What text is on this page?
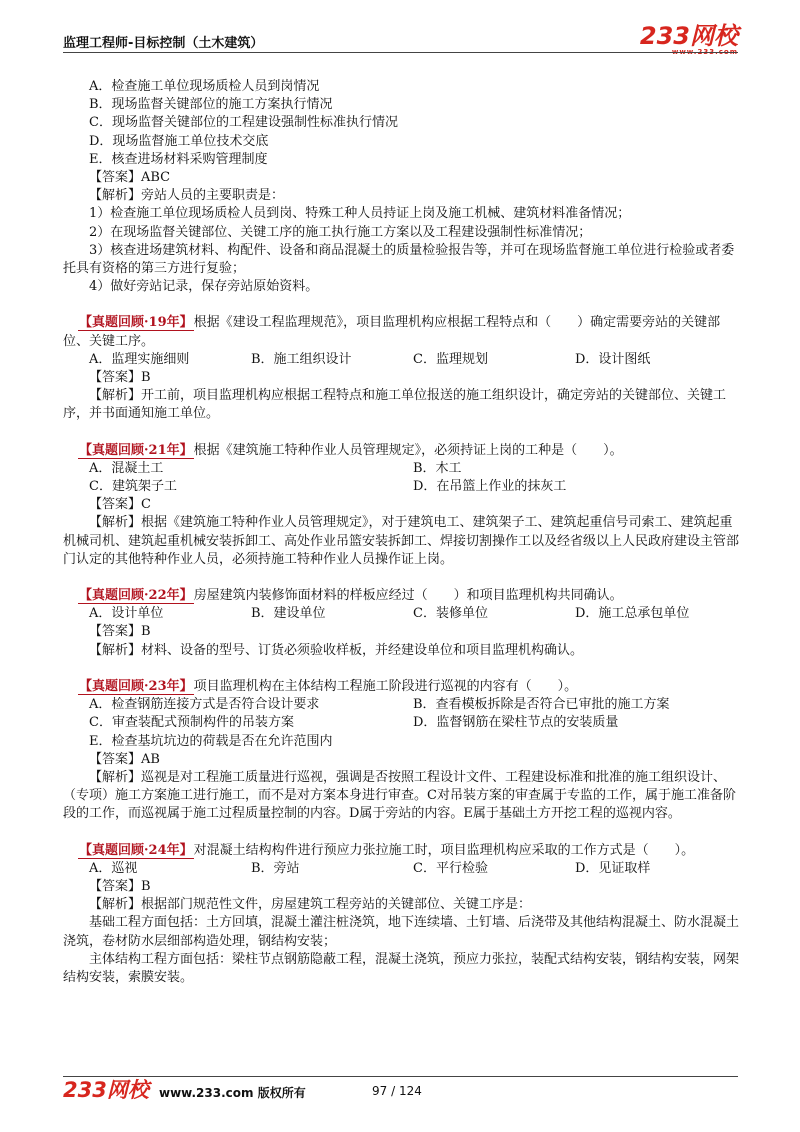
监理工程师-目标控制（土木建筑）	233网校
www.233.com

A．检查施工单位现场质检人员到岗情况

B．现场监督关键部位的施工方案执行情况

C．现场监督关键部位的工程建设强制性标准执行情况

D．现场监督施工单位技术交底

E．核查进场材料采购管理制度

【答案】ABC

【解析】旁站人员的主要职责是：

1）检查施工单位现场质检人员到岗、特殊工种人员持证上岗及施工机械、建筑材料准备情况；

2）在现场监督关键部位、关键工序的施工执行施工方案以及工程建设强制性标准情况；

3）核查进场建筑材料、构配件、设备和商品混凝土的质量检验报告等，并可在现场监督施工单位进行检验或者委托具有资格的第三方进行复验；

4）做好旁站记录，保存旁站原始资料。

【真题回顾·19年】根据《建设工程监理规范》，项目监理机构应根据工程特点和（　　）确定需要旁站的关键部位、关键工序。

A．监理实施细则	B．施工组织设计	C．监理规划	D．设计图纸

【答案】B

【解析】开工前，项目监理机构应根据工程特点和施工单位报送的施工组织设计，确定旁站的关键部位、关键工序，并书面通知施工单位。

【真题回顾·21年】根据《建筑施工特种作业人员管理规定》，必须持证上岗的工种是（　　）。

A．混凝土工	B．木工
C．建筑架子工	D．在吊篮上作业的抹灰工

【答案】C

【解析】根据《建筑施工特种作业人员管理规定》，对于建筑电工、建筑架子工、建筑起重信号司索工、建筑起重机械司机、建筑起重机械安装拆卸工、高处作业吊篮安装拆卸工、焊接切割操作工以及经省级以上人民政府建设主管部门认定的其他特种作业人员，必须持施工特种作业人员操作证上岗。

【真题回顾·22年】房屋建筑内装修饰面材料的样板应经过（　　）和项目监理机构共同确认。

A．设计单位	B．建设单位	C．装修单位	D．施工总承包单位

【答案】B

【解析】材料、设备的型号、订货必须验收样板，并经建设单位和项目监理机构确认。

【真题回顾·23年】项目监理机构在主体结构工程施工阶段进行巡视的内容有（　　）。

A．检查钢筋连接方式是否符合设计要求	B．查看模板拆除是否符合已审批的施工方案
C．审查装配式预制构件的吊装方案	D．监督钢筋在梁柱节点的安装质量

E．检查基坑坑边的荷载是否在允许范围内

【答案】AB

【解析】巡视是对工程施工质量进行巡视，强调是否按照工程设计文件、工程建设标准和批准的施工组织设计、（专项）施工方案施工进行施工，而不是对方案本身进行审查。C对吊装方案的审查属于专监的工作，属于施工准备阶段的工作，而巡视属于施工过程质量控制的内容。D属于旁站的内容。E属于基础土方开挖工程的巡视内容。

【真题回顾·24年】对混凝土结构构件进行预应力张拉施工时，项目监理机构应采取的工作方式是（　　）。

A．巡视	B．旁站	C．平行检验	D．见证取样

【答案】B

【解析】根据部门规范性文件，房屋建筑工程旁站的关键部位、关键工序是：

基础工程方面包括：土方回填，混凝土灌注桩浇筑，地下连续墙、土钉墙、后浇带及其他结构混凝土、防水混凝土浇筑，卷材防水层细部构造处理，钢结构安装；

主体结构工程方面包括：梁柱节点钢筋隐蔽工程，混凝土浇筑，预应力张拉，装配式结构安装，钢结构安装，网架结构安装，索膜安装。

233网校 www.233.com 版权所有	97 / 124
